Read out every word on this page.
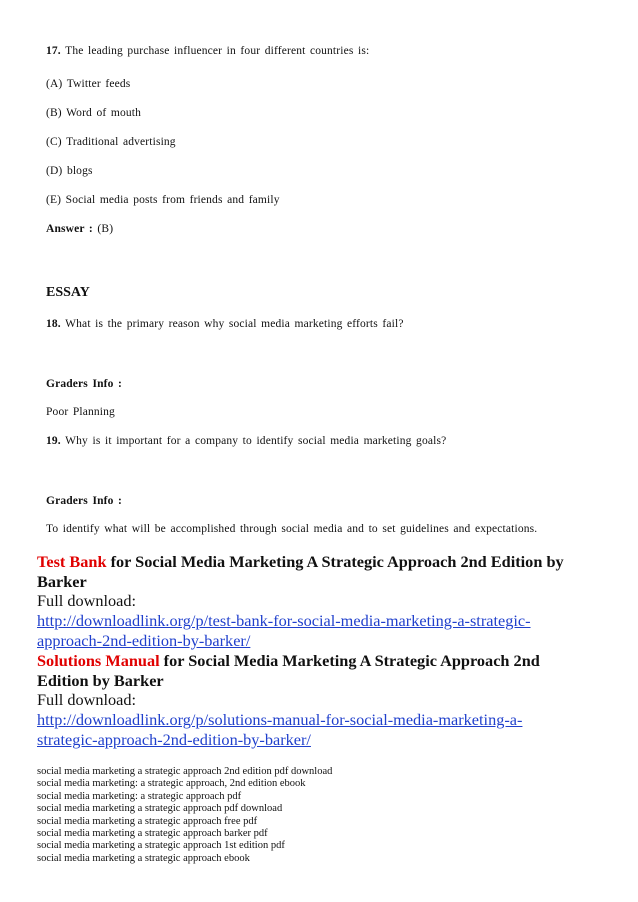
17. The leading purchase influencer in four different countries is:
(A) Twitter feeds
(B) Word of mouth
(C) Traditional advertising
(D) blogs
(E) Social media posts from friends and family
Answer : (B)
ESSAY
18. What is the primary reason why social media marketing efforts fail?
Graders Info :
Poor Planning
19. Why is it important for a company to identify social media marketing goals?
Graders Info :
To identify what will be accomplished through social media and to set guidelines and expectations.
Test Bank for Social Media Marketing A Strategic Approach 2nd Edition by Barker
Full download:
http://downloadlink.org/p/test-bank-for-social-media-marketing-a-strategic-approach-2nd-edition-by-barker/
Solutions Manual for Social Media Marketing A Strategic Approach 2nd Edition by Barker
Full download:
http://downloadlink.org/p/solutions-manual-for-social-media-marketing-a-strategic-approach-2nd-edition-by-barker/
social media marketing a strategic approach 2nd edition pdf download
social media marketing: a strategic approach, 2nd edition ebook
social media marketing: a strategic approach pdf
social media marketing a strategic approach pdf download
social media marketing a strategic approach free pdf
social media marketing a strategic approach barker pdf
social media marketing a strategic approach 1st edition pdf
social media marketing a strategic approach ebook
